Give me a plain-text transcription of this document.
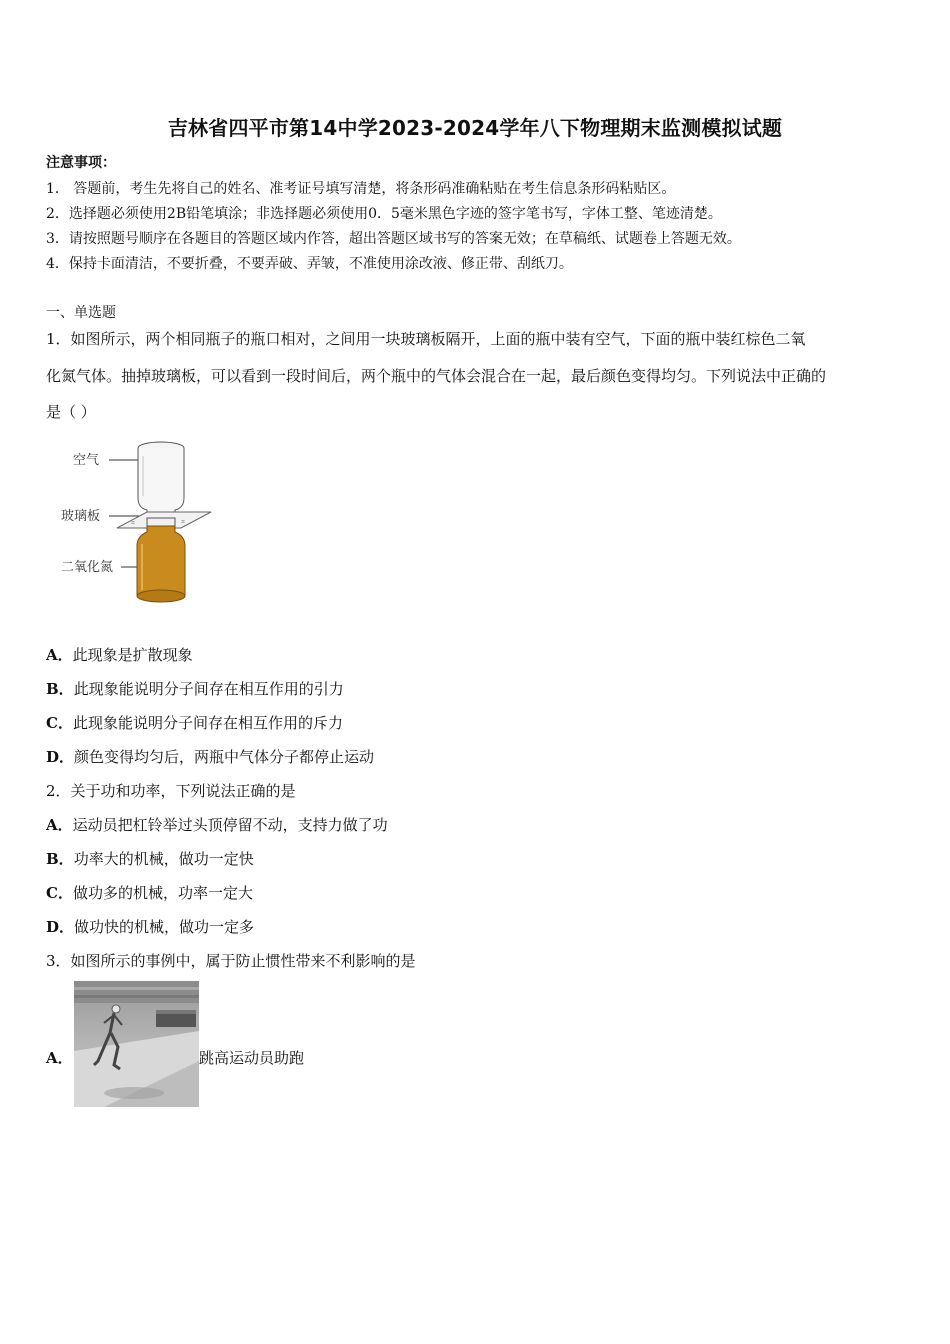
吉林省四平市第14中学2023-2024学年八下物理期末监测模拟试题
注意事项：
1． 答题前，考生先将自己的姓名、准考证号填写清楚，将条形码准确粘贴在考生信息条形码粘贴区。
2．选择题必须使用2B铅笔填涂；非选择题必须使用0．5毫米黑色字迹的签字笔书写，字体工整、笔迹清楚。
3．请按照题号顺序在各题目的答题区域内作答，超出答题区域书写的答案无效；在草稿纸、试题卷上答题无效。
4．保持卡面清洁，不要折叠，不要弄破、弄皱，不准使用涂改液、修正带、刮纸刀。
一、单选题
1．如图所示，两个相同瓶子的瓶口相对，之间用一块玻璃板隔开，上面的瓶中装有空气，下面的瓶中装红棕色二氧
化氮气体。抽掉玻璃板，可以看到一段时间后，两个瓶中的气体会混合在一起，最后颜色变得均匀。下列说法中正确的
是（ ）
空气
玻璃板
二氧化氮
⌗	⌗
A．此现象是扩散现象
B．此现象能说明分子间存在相互作用的引力
C．此现象能说明分子间存在相互作用的斥力
D．颜色变得均匀后，两瓶中气体分子都停止运动
2．关于功和功率，下列说法正确的是
A．运动员把杠铃举过头顶停留不动，支持力做了功
B．功率大的机械，做功一定快
C．做功多的机械，功率一定大
D．做功快的机械，做功一定多
3．如图所示的事例中，属于防止惯性带来不利影响的是
A．	跳高运动员助跑
